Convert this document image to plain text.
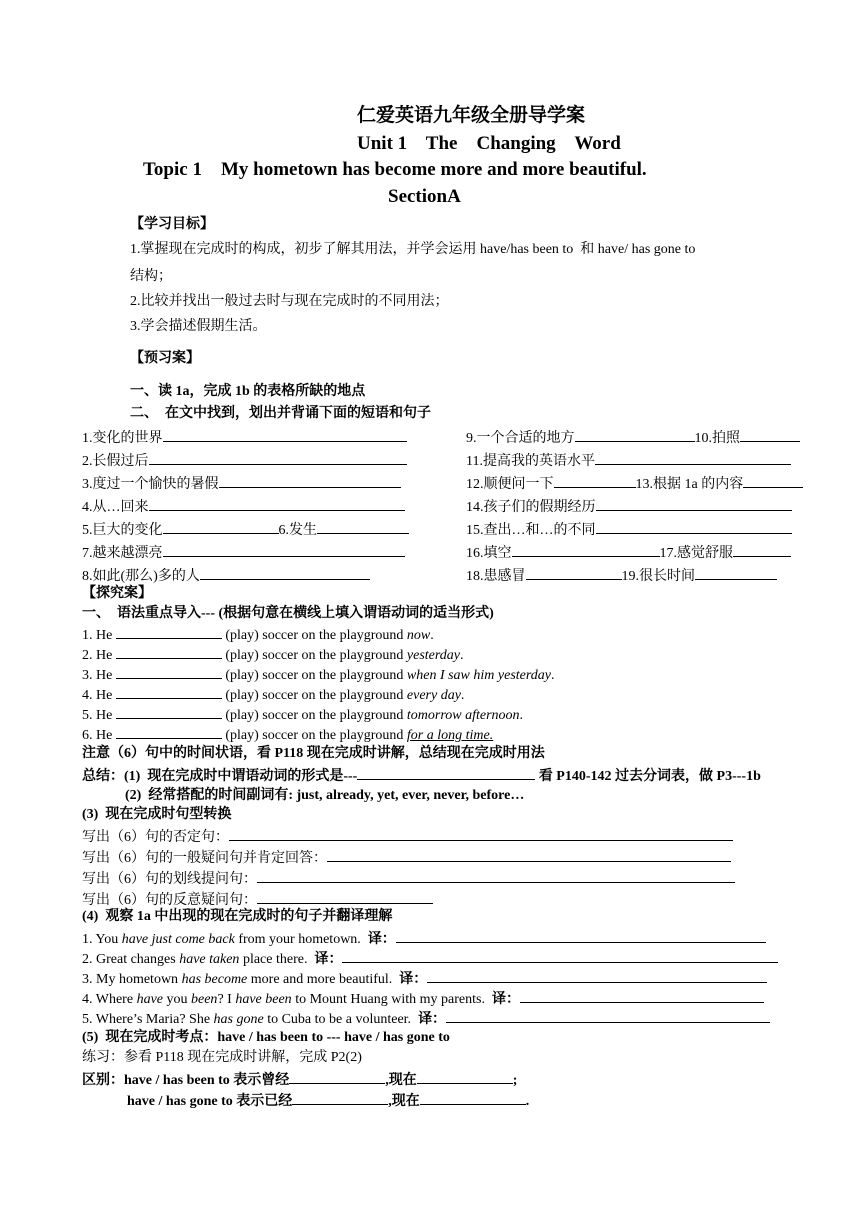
仁爱英语九年级全册导学案
Unit 1    The    Changing    Word
Topic 1    My hometown has become more and more beautiful.
SectionA
【学习目标】
1.掌握现在完成时的构成，初步了解其用法，并学会运用 have/has been to  和 have/ has gone to
结构；
2.比较并找出一般过去时与现在完成时的不同用法；
3.学会描述假期生活。
【预习案】
一、读 1a，完成 1b 的表格所缺的地点
二、  在文中找到，划出并背诵下面的短语和句子
1.变化的世界
2.长假过后
3.度过一个愉快的暑假
4.从…回来
5.巨大的变化	6.发生
7.越来越漂亮
8.如此(那么)多的人
9.一个合适的地方	10.拍照
11.提高我的英语水平
12.顺便问一下	13.根据 1a 的内容
14.孩子们的假期经历
15.查出…和…的不同
16.填空	17.感觉舒服
18.患感冒	19.很长时间
【探究案】
一、  语法重点导入--- (根据句意在横线上填入谓语动词的适当形式)
1. He	(play) soccer on the playground now.
2. He	(play) soccer on the playground yesterday.
3. He	(play) soccer on the playground when I saw him yesterday.
4. He	(play) soccer on the playground every day.
5. He	(play) soccer on the playground tomorrow afternoon.
6. He	(play) soccer on the playground for a long time.
注意（6）句中的时间状语，看 P118 现在完成时讲解，总结现在完成时用法
总结：(1)  现在完成时中谓语动词的形式是---	看 P140-142 过去分词表，做 P3---1b
(2)  经常搭配的时间副词有: just, already, yet, ever, never, before…
(3)  现在完成时句型转换
写出（6）句的否定句：
写出（6）句的一般疑问句并肯定回答：
写出（6）句的划线提问句：
写出（6）句的反意疑问句：
(4)  观察 1a 中出现的现在完成时的句子并翻译理解
1. You have just come back from your hometown.  译：
2. Great changes have taken place there.  译：
3. My hometown has become more and more beautiful.  译：
4. Where have you been? I have been to Mount Huang with my parents.  译：
5. Where’s Maria? She has gone to Cuba to be a volunteer.  译：
(5)  现在完成时考点：have / has been to --- have / has gone to
练习：参看 P118 现在完成时讲解，完成 P2(2)
区别：have / has been to 表示曾经	,现在	;
have / has gone to 表示已经	,现在	.
